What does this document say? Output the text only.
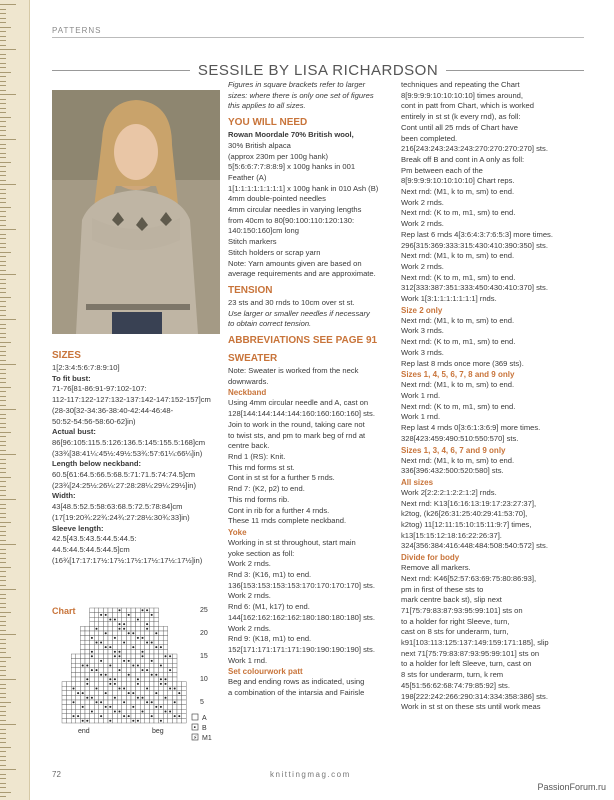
PATTERNS
SESSILE BY LISA RICHARDSON
SIZES
1[2:3:4:5:6:7:8:9:10]
To fit bust:
71-76[81-86:91-97:102-107:
112-117:122-127:132-137:142-147:152-157]cm
(28-30[32-34:36-38:40-42:44-46:48-
50:52-54:56-58:60-62]in)
Actual bust:
86[96:105:115.5:126:136.5:145:155.5:168]cm
(33¾[38:41¼:45½:49½:53¾:57:61¼:66¼]in)
Length below neckband:
60.5[61:64.5:66.5:68.5:71:71.5:74:74.5]cm
(23¾[24:25½:26¼:27:28:28¼:29¼:29½]in)
Width:
43[48.5:52.5:58:63:68.5:72.5:78:84]cm
(17[19:20¾:22¾:24¾:27:28½:30¾:33]in)
Sleeve length:
42.5[43.5:43.5:44.5:44.5:
44.5:44.5:44.5:44.5]cm
(16¾[17:17:17½:17½:17½:17½:17½:17½]in)
Figures in square brackets refer to larger
sizes: where there is only one set of figures
this applies to all sizes.
YOU WILL NEED
Rowan Moordale 70% British wool,
30% British alpaca
(approx 230m per 100g hank)
5[5:6:6:7:7:8:8:9] x 100g hanks in 001
Feather (A)
1[1:1:1:1:1:1:1:1] x 100g hank in 010 Ash (B)
4mm double-pointed needles
4mm circular needles in varying lengths
from 40cm to 80[90:100:110:120:130:
140:150:160]cm long
Stitch markers
Stitch holders or scrap yarn
Note: Yarn amounts given are based on
average requirements and are approximate.
TENSION
23 sts and 30 rnds to 10cm over st st.
Use larger or smaller needles if necessary
to obtain correct tension.
ABBREVIATIONS SEE PAGE 91
SWEATER
Note: Sweater is worked from the neck
downwards.
Neckband
Using 4mm circular needle and A, cast on
128[144:144:144:144:160:160:160:160] sts.
Join to work in the round, taking care not
to twist sts, and pm to mark beg of rnd at
centre back.
Rnd 1 (RS): Knit.
This rnd forms st st.
Cont in st st for a further 5 rnds.
Rnd 7: (K2, p2) to end.
This rnd forms rib.
Cont in rib for a further 4 rnds.
These 11 rnds complete neckband.
Yoke
Working in st st throughout, start main
yoke section as foll:
Work 2 rnds.
Rnd 3: (K16, m1) to end.
136[153:153:153:153:170:170:170:170] sts.
Work 2 rnds.
Rnd 6: (M1, k17) to end.
144[162:162:162:162:180:180:180:180] sts.
Work 2 rnds.
Rnd 9: (K18, m1) to end.
152[171:171:171:171:190:190:190:190] sts.
Work 1 rnd.
Set colourwork patt
Beg and ending rows as indicated, using
a combination of the intarsia and Fairisle
techniques and repeating the Chart
8[9:9:9:9:10:10:10:10] times around,
cont in patt from Chart, which is worked
entirely in st st (k every rnd), as foll:
Cont until all 25 rnds of Chart have
been completed.
216[243:243:243:243:270:270:270:270] sts.
Break off B and cont in A only as foll:
Pm between each of the
8[9:9:9:9:10:10:10:10] Chart reps.
Next rnd: (M1, k to m, sm) to end.
Work 2 rnds.
Next rnd: (K to m, m1, sm) to end.
Work 2 rnds.
Rep last 6 rnds 4[3:6:4:3:7:6:5:3] more times.
296[315:369:333:315:430:410:390:350] sts.
Next rnd: (M1, k to m, sm) to end.
Work 2 rnds.
Next rnd: (K to m, m1, sm) to end.
312[333:387:351:333:450:430:410:370] sts.
Work 1[3:1:1:1:1:1:1:1] rnds.
Size 2 only
Next rnd: (M1, k to m, sm) to end.
Work 3 rnds.
Next rnd: (K to m, m1, sm) to end.
Work 3 rnds.
Rep last 8 rnds once more (369 sts).
Sizes 1, 4, 5, 6, 7, 8 and 9 only
Next rnd: (M1, k to m, sm) to end.
Work 1 rnd.
Next rnd: (K to m, m1, sm) to end.
Work 1 rnd.
Rep last 4 rnds 0[3:6:1:3:6:9] more times.
328[423:459:490:510:550:570] sts.
Sizes 1, 3, 4, 6, 7 and 9 only
Next rnd: (M1, k to m, sm) to end.
336[396:432:500:520:580] sts.
All sizes
Work 2[2:2:2:1:2:2:1:2] rnds.
Next rnd: K13[16:16:13:19:17:23:27:37],
k2tog, (k26[26:31:25:40:29:41:53:70],
k2tog) 11[12:11:15:10:15:11:9:7] times,
k13[15:15:12:18:16:22:26:37].
324[356:384:416:448:484:508:540:572] sts.
Divide for body
Remove all markers.
Next rnd: K46[52:57:63:69:75:80:86:93],
pm in first of these sts to
mark centre back st), slip next
71[75:79:83:87:93:95:99:101] sts on
to a holder for right Sleeve, turn,
cast on 8 sts for underarm, turn,
k91[103:113:125:137:149:159:171:185], slip
next 71[75:79:83:87:93:95:99:101] sts on
to a holder for left Sleeve, turn, cast on
8 sts for underarm, turn, k rem
45[51:56:62:68:74:79:85:92] sts.
198[222:242:266:290:314:334:358:386] sts.
Work in st st on these sts until work meas
Chart	25
20
15
10
5
end	beg
A
• B
⚡ M1
72	knittingmag.com
PassionForum.ru
